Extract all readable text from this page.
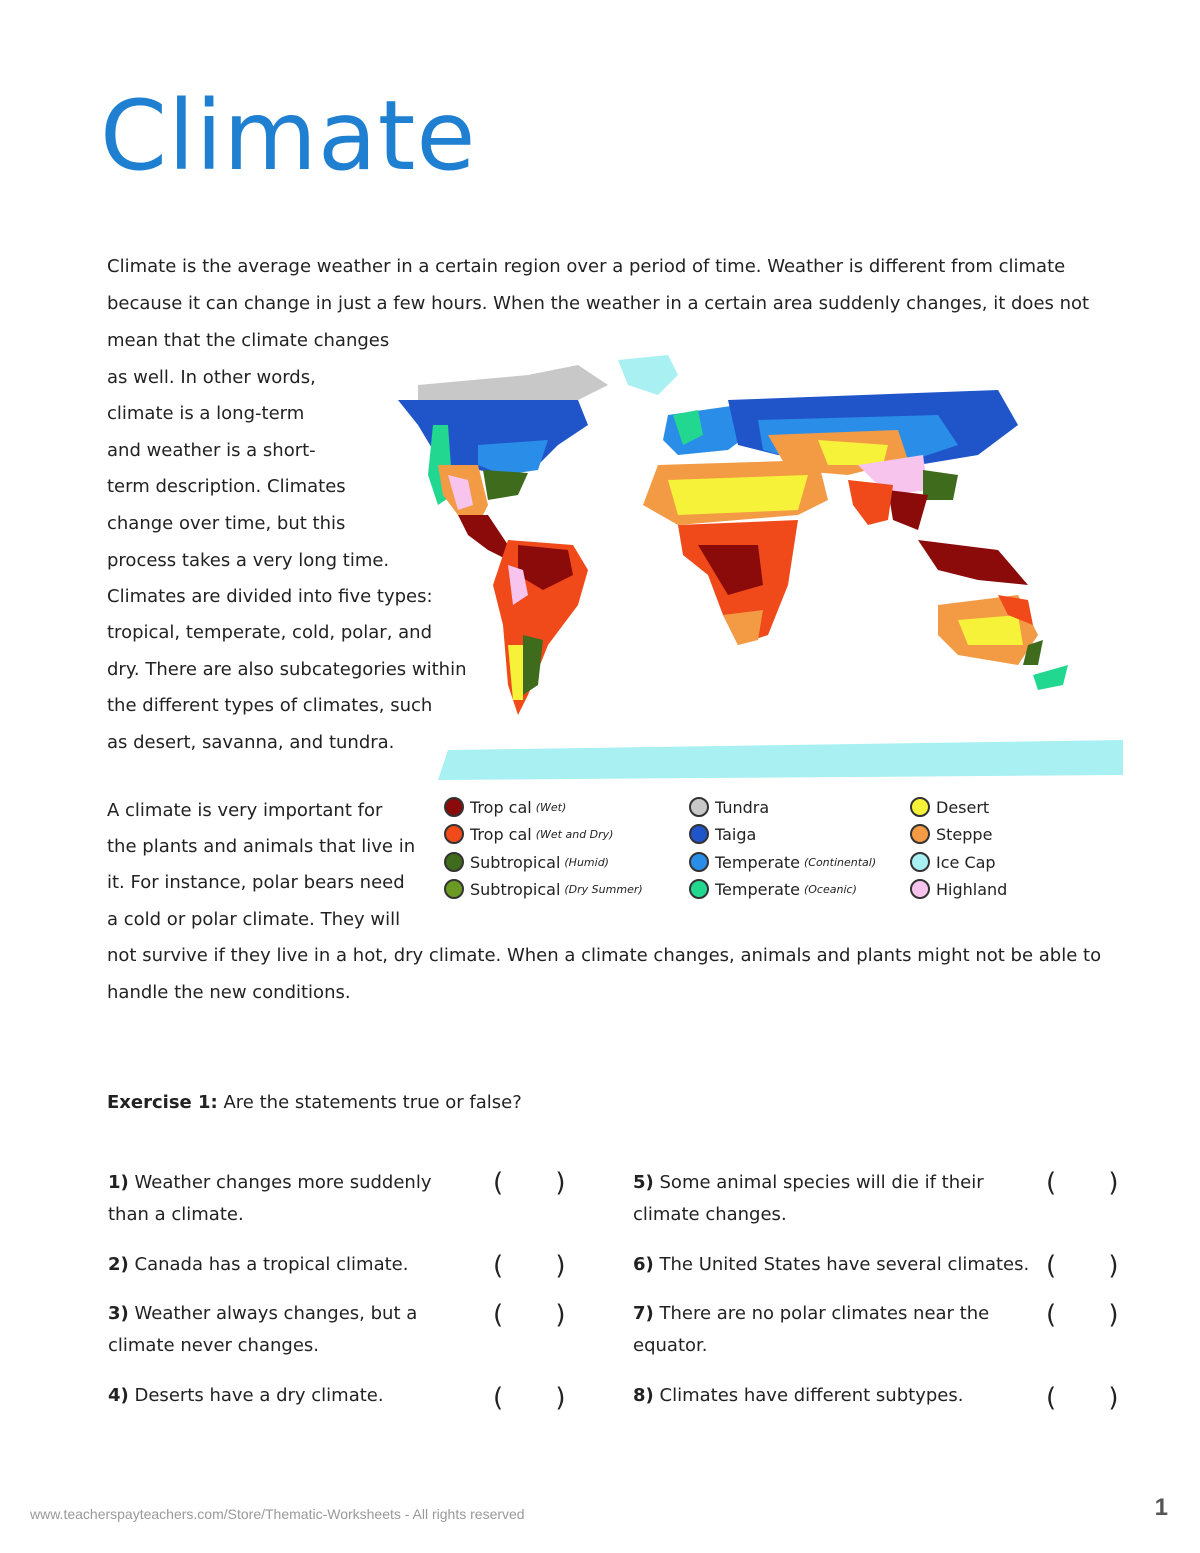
Climate
Climate is the average weather in a certain region over a period of time. Weather is different from climate
because it can change in just a few hours. When the weather in a certain area suddenly changes, it does not
mean that the climate changes
as well. In other words,
climate is a long-term
and weather is a short-
term description. Climates
change over time, but this
process takes a very long time.
Climates are divided into five types:
tropical, temperate, cold, polar, and
dry. There are also subcategories within
the different types of climates, such
as desert, savanna, and tundra.
Trop cal (Wet)
Trop cal (Wet and Dry)
Subtropical (Humid)
Subtropical (Dry Summer)
Tundra
Taiga
Temperate (Continental)
Temperate (Oceanic)
Desert
Steppe
Ice Cap
Highland
A climate is very important for
the plants and animals that live in
it. For instance, polar bears need
a cold or polar climate. They will
not survive if they live in a hot, dry climate. When a climate changes, animals and plants might not be able to
handle the new conditions.
Exercise 1: Are the statements true or false?
1) Weather changes more suddenly than a climate.
( )
2) Canada has a tropical climate.	( )
3) Weather always changes, but a climate never changes.
( )
4) Deserts have a dry climate.	( )
5) Some animal species will die if their climate changes.
( )
6) The United States have several climates. ( )
7) There are no polar climates near the equator.
( )
8) Climates have different subtypes.	( )
www.teacherspayteachers.com/Store/Thematic-Worksheets - All rights reserved	1
